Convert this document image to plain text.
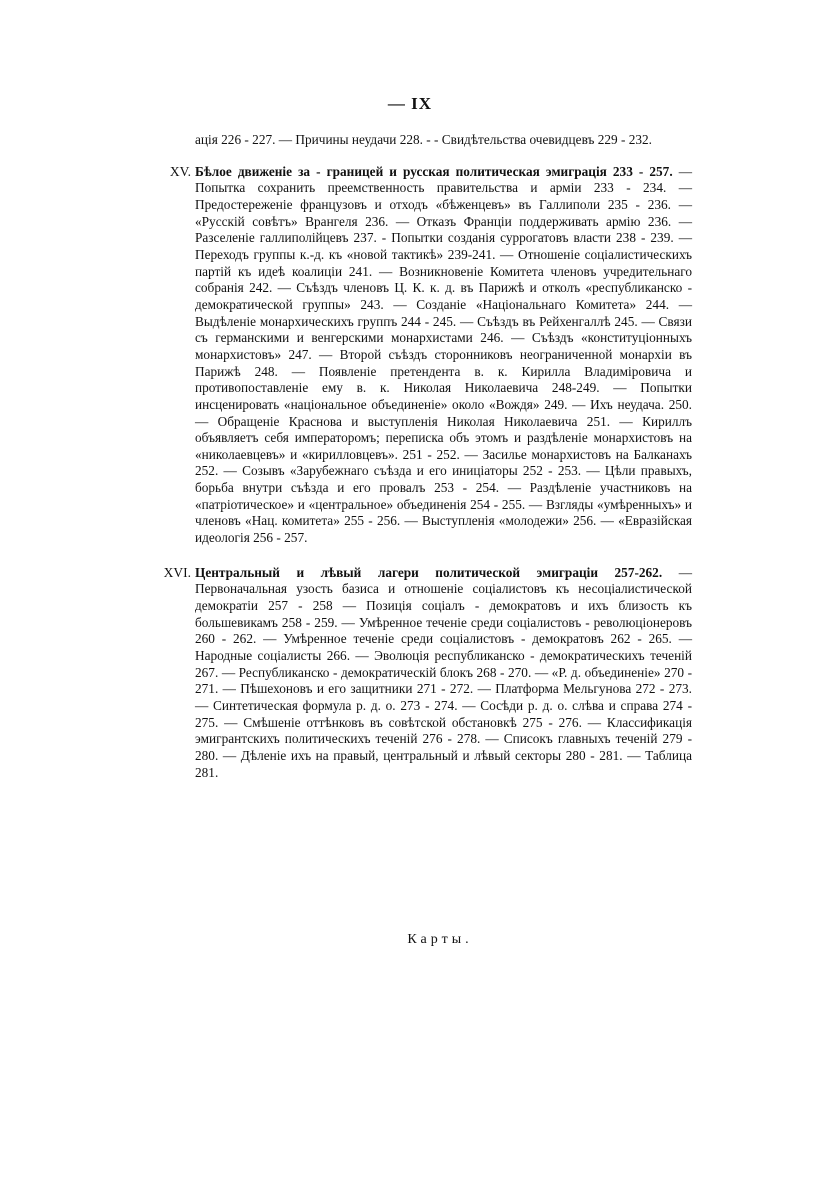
— IX

ація 226 - 227. — Причины неудачи 228. - - Свидѣтельства очевидцевъ 229 - 232.

XV. Бѣлое движеніе за - границей и русская политическая эмиграція 233 - 257. — Попытка сохранить преемственность правительства и арміи 233 - 234. — Предостереженіе французовъ и отходъ «бѣженцевъ» въ Галлиполи 235 - 236. — «Русскій совѣтъ» Врангеля 236. — Отказъ Франціи поддерживать армію 236. — Разселеніе галлиполійцевъ 237. - Попытки созданія суррогатовъ власти 238 - 239. — Переходъ группы к.-д. къ «новой тактикѣ» 239-241. — Отношеніе соціалистическихъ партій къ идеѣ коалиціи 241. — Возникновеніе Комитета членовъ учредительнаго собранія 242. — Съѣздъ членовъ Ц. К. к. д. въ Парижѣ и отколъ «республиканско - демократической группы» 243. — Созданіе «Національнаго Комитета» 244. — Выдѣленіе монархическихъ группъ 244 - 245. — Съѣздъ въ Рейхенгаллѣ 245. — Связи съ германскими и венгерскими монархистами 246. — Съѣздъ «конституціонныхъ монархистовъ» 247. — Второй съѣздъ сторонниковъ неограниченной монархіи въ Парижѣ 248. — Появленіе претендента в. к. Кирилла Владиміровича и противопоставленіе ему в. к. Николая Николаевича 248-249. — Попытки инсценировать «національное объединеніе» около «Вождя» 249. — Ихъ неудача. 250. — Обращеніе Краснова и выступленія Николая Николаевича 251. — Кириллъ объявляетъ себя императоромъ; переписка объ этомъ и раздѣленіе монархистовъ на «николаевцевъ» и «кирилловцевъ». 251 - 252. — Засилье монархистовъ на Балканахъ 252. — Созывъ «Зарубежнаго съѣзда и его иниціаторы 252 - 253. — Цѣли правыхъ, борьба внутри съѣзда и его провалъ 253 - 254. — Раздѣленіе участниковъ на «патріотическое» и «центральное» объединенія 254 - 255. — Взгляды «умѣренныхъ» и членовъ «Нац. комитета» 255 - 256. — Выступленія «молодежи» 256. — «Евразійская идеологія 256 - 257.

XVI. Центральный и лѣвый лагери политической эмиграціи 257-262. — Первоначальная узость базиса и отношеніе соціалистовъ къ несоціалистической демократіи 257 - 258 — Позиція соціалъ - демократовъ и ихъ близость къ большевикамъ 258 - 259. — Умѣренное теченіе среди соціалистовъ - революціонеровъ 260 - 262. — Умѣренное теченіе среди соціалистовъ - демократовъ 262 - 265. — Народные соціалисты 266. — Эволюція республиканско - демократическихъ теченій 267. — Республиканско - демократическій блокъ 268 - 270. — «Р. д. объединеніе» 270 - 271. — Пѣшехоновъ и его защитники 271 - 272. — Платформа Мельгунова 272 - 273. — Синтетическая формула р. д. о. 273 - 274. — Сосѣди р. д. о. слѣва и справа 274 - 275. — Смѣшеніе оттѣнковъ въ совѣтской обстановкѣ 275 - 276. — Классификація эмигрантскихъ политическихъ теченій 276 - 278. — Списокъ главныхъ теченій 279 - 280. — Дѣленіе ихъ на правый, центральный и лѣвый секторы 280 - 281. — Таблица 281.

Карты.
